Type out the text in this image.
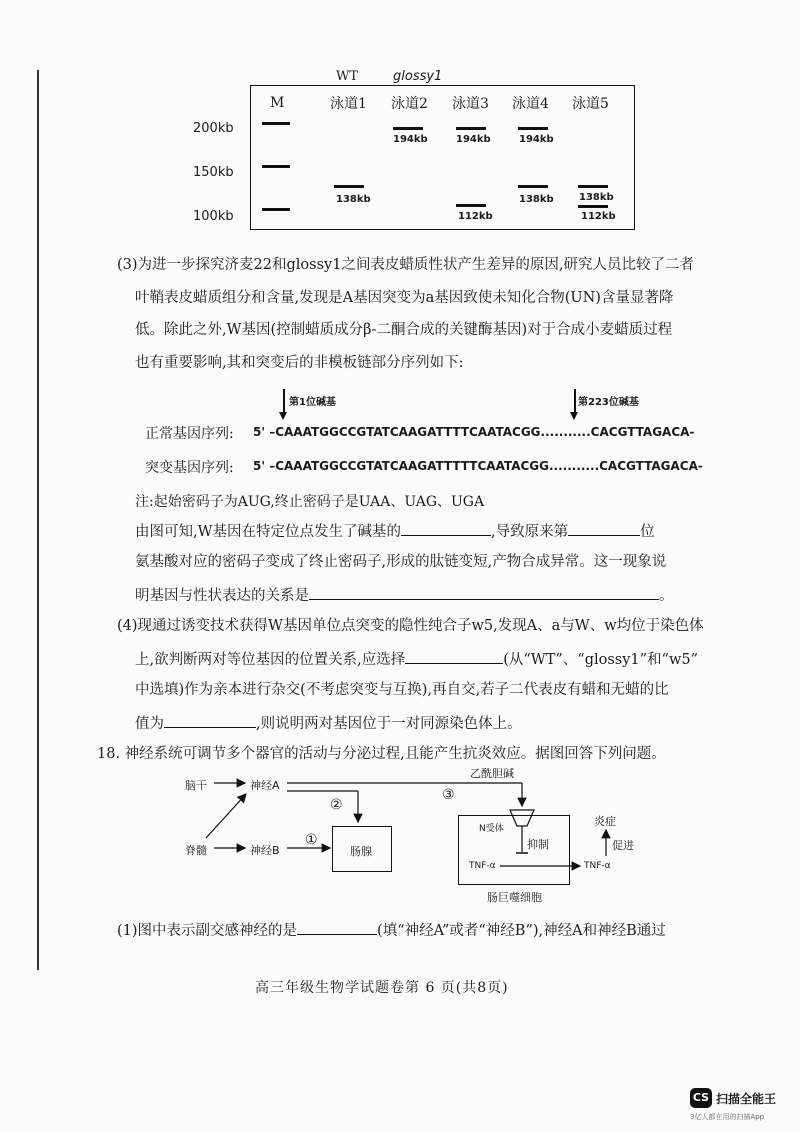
WT	glossy1
M	泳道1 泳道2 泳道3 泳道4 泳道5
200kb
150kb
100kb
194kb	194kb	194kb
138kb
112kb
138kb	138kb
112kb
(3)为进一步探究济麦22和glossy1之间表皮蜡质性状产生差异的原因,研究人员比较了二者
叶鞘表皮蜡质组分和含量,发现是A基因突变为a基因致使未知化合物(UN)含量显著降
低。除此之外,W基因(控制蜡质成分β-二酮合成的关键酶基因)对于合成小麦蜡质过程
也有重要影响,其和突变后的非模板链部分序列如下:
第1位碱基	第223位碱基
正常基因序列: 5' –CAAATGGCCGTATCAAGATTTTCAATACGG...........CACGTTAGACA-
突变基因序列: 5' –CAAATGGCCGTATCAAGATTTTTCAATACGG...........CACGTTAGACA-
注:起始密码子为AUG,终止密码子是UAA、UAG、UGA
由图可知,W基因在特定位点发生了碱基的	,导致原来第	位
氨基酸对应的密码子变成了终止密码子,形成的肽链变短,产物合成异常。这一现象说
明基因与性状表达的关系是	。
(4)现通过诱变技术获得W基因单位点突变的隐性纯合子w5,发现A、a与W、w均位于染色体
上,欲判断两对等位基因的位置关系,应选择	(从“WT”、“glossy1”和“w5”
中选填)作为亲本进行杂交(不考虑突变与互换),再自交,若子二代表皮有蜡和无蜡的比
值为	,则说明两对基因位于一对同源染色体上。
18. 神经系统可调节多个器官的活动与分泌过程,且能产生抗炎效应。据图回答下列问题。
脑干	神经A
脊髓	神经B
②
①
③
肠腺
乙酰胆碱
N受体
抑制
TNF-α	TNF-α
促进
炎症
肠巨噬细胞
(1)图中表示副交感神经的是	(填“神经A”或者“神经B”),神经A和神经B通过
高三年级生物学试题卷第 6 页(共8页)
CS 扫描全能王
3亿人都在用的扫描App
